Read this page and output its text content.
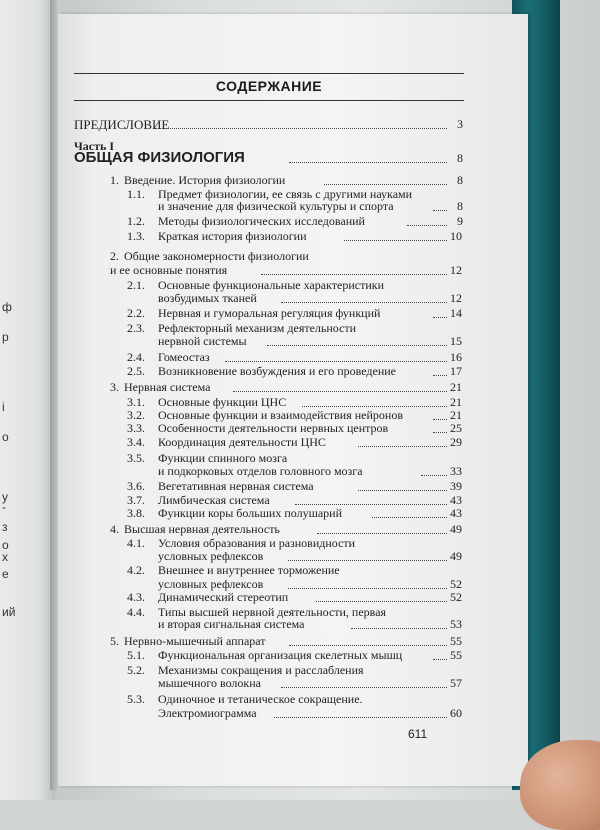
ф
р
і
о
у
-
з
о
х
е
ий
СОДЕРЖАНИЕ
ПРЕДИСЛОВИЕ	3
Часть I
ОБЩАЯ ФИЗИОЛОГИЯ	8
1. Введение. История физиологии	8
1.1. Предмет физиологии, ее связь с другими науками
и значение для физической культуры и спорта	8
1.2. Методы физиологических исследований	9
1.3. Краткая история физиологии	10
2. Общие закономерности физиологии
и ее основные понятия	12
2.1. Основные функциональные характеристики
возбудимых тканей	12
2.2. Нервная и гуморальная регуляция функций	14
2.3. Рефлекторный механизм деятельности
нервной системы	15
2.4. Гомеостаз	16
2.5. Возникновение возбуждения и его проведение	17
3. Нервная система	21
3.1. Основные функции ЦНС	21
3.2. Основные функции и взаимодействия нейронов	21
3.3. Особенности деятельности нервных центров	25
3.4. Координация деятельности ЦНС	29
3.5. Функции спинного мозга
и подкорковых отделов головного мозга	33
3.6. Вегетативная нервная система	39
3.7. Лимбическая система	43
3.8. Функции коры больших полушарий	43
4. Высшая нервная деятельность	49
4.1. Условия образования и разновидности
условных рефлексов	49
4.2. Внешнее и внутреннее торможение
условных рефлексов	52
4.3. Динамический стереотип	52
4.4. Типы высшей нервной деятельности, первая
и вторая сигнальная система	53
5. Нервно-мышечный аппарат	55
5.1. Функциональная организация скелетных мышц	55
5.2. Механизмы сокращения и расслабления
мышечного волокна	57
5.3. Одиночное и тетаническое сокращение.
Электромиограмма	60
611
